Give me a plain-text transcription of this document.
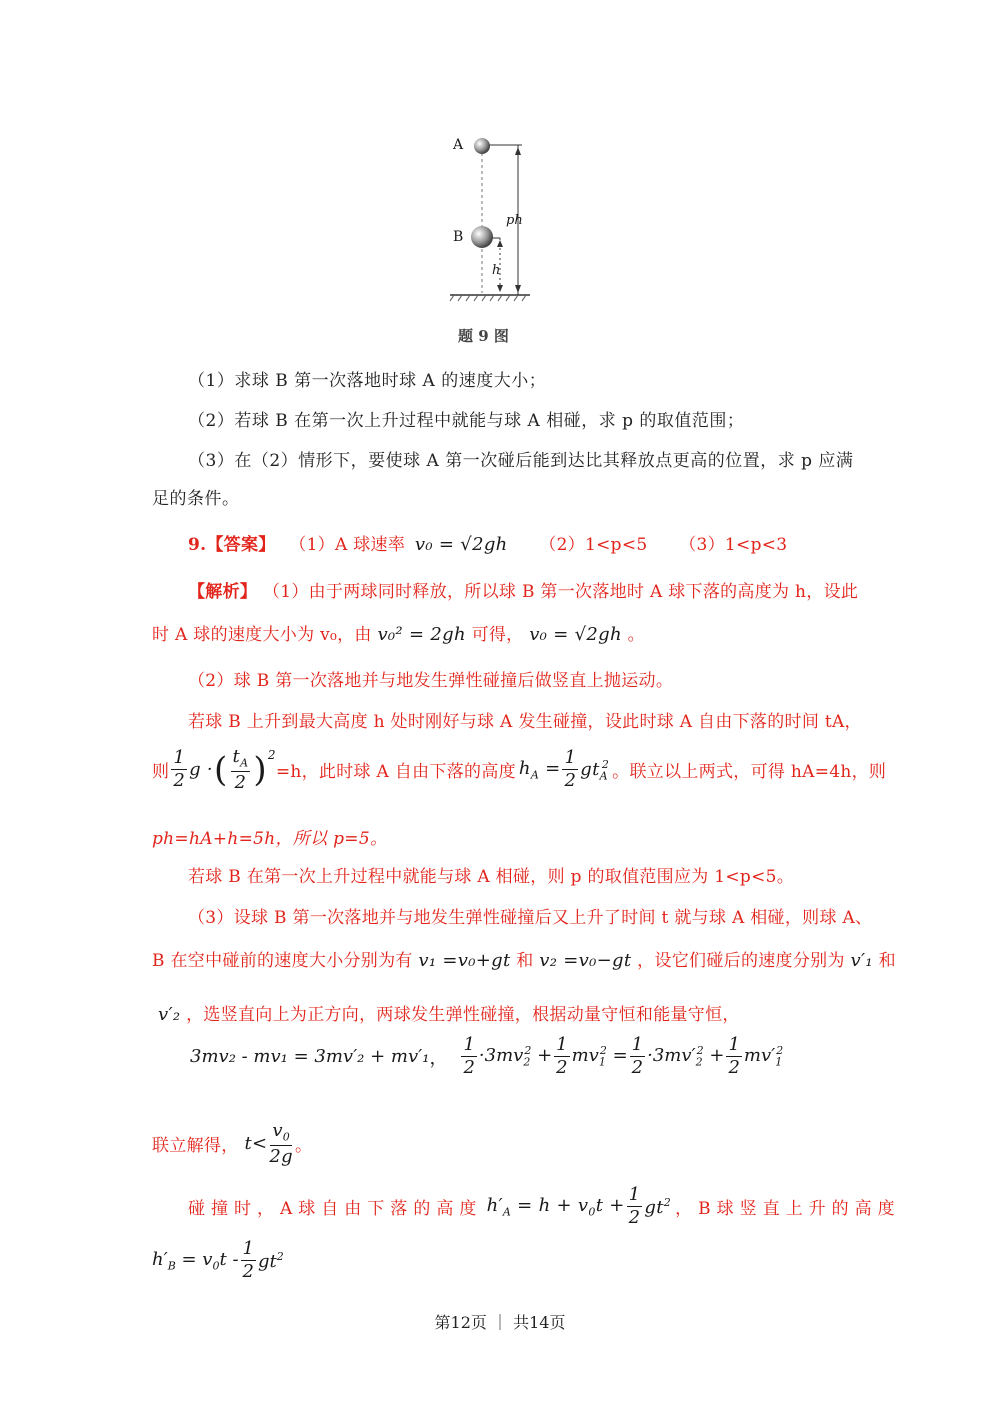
A
B
ph
h
题 9 图
（1）求球 B 第一次落地时球 A 的速度大小；
（2）若球 B 在第一次上升过程中就能与球 A 相碰，求 p 的取值范围；
（3）在（2）情形下，要使球 A 第一次碰后能到达比其释放点更高的位置，求 p 应满
足的条件。
9.【答案】 （1）A 球速率 v₀ = √2gh （2）1<p<5 （3）1<p<3
【解析】 （1）由于两球同时释放，所以球 B 第一次落地时 A 球下落的高度为 h，设此
时 A 球的速度大小为 v₀，由 v₀² = 2gh 可得， v₀ = √2gh 。
（2）球 B 第一次落地并与地发生弹性碰撞后做竖直上抛运动。
若球 B 上升到最大高度 h 处时刚好与球 A 发生碰撞，设此时球 A 自由下落的时间 tA，
则
1
2
g · ( $t_A$
2 )$^2$
=h，此时球 A 自由下落的高度 $h_A = \frac{1}{2} gt_A^2$ 。联立以上两式，可得 hA=4h，则
ph=hA+h=5h，所以 p=5。
若球 B 在第一次上升过程中就能与球 A 相碰，则 p 的取值范围应为 1<p<5。
（3）设球 B 第一次落地并与地发生弹性碰撞后又上升了时间 t 就与球 A 相碰，则球 A、
B 在空中碰前的速度大小分别为有 v₁ =v₀+gt 和 v₂ =v₀−gt ，设它们碰后的速度分别为 v′₁ 和
v′₂ ，选竖直向上为正方向，两球发生弹性碰撞，根据动量守恒和能量守恒，
3mv₂ - mv₁ = 3mv′₂ + mv′₁ ，
1
2
$\cdot 3mv_2^2 + \frac{1}{2} mv_1^2 = \frac{1}{2} \cdot 3mv'_2^2 + \frac{1}{2} mv'_1^2$
联立解得， t<
$v_0$
2g 。
碰 撞 时 ， A 球 自 由 下 落 的 高 度 $h'_A = h + v_0t + \frac{1}{2} gt^2$ ， B 球 竖 直 上 升 的 高 度
$h'_B = v_0t$ -
1
2 $gt^2$
第12页 ｜ 共14页
